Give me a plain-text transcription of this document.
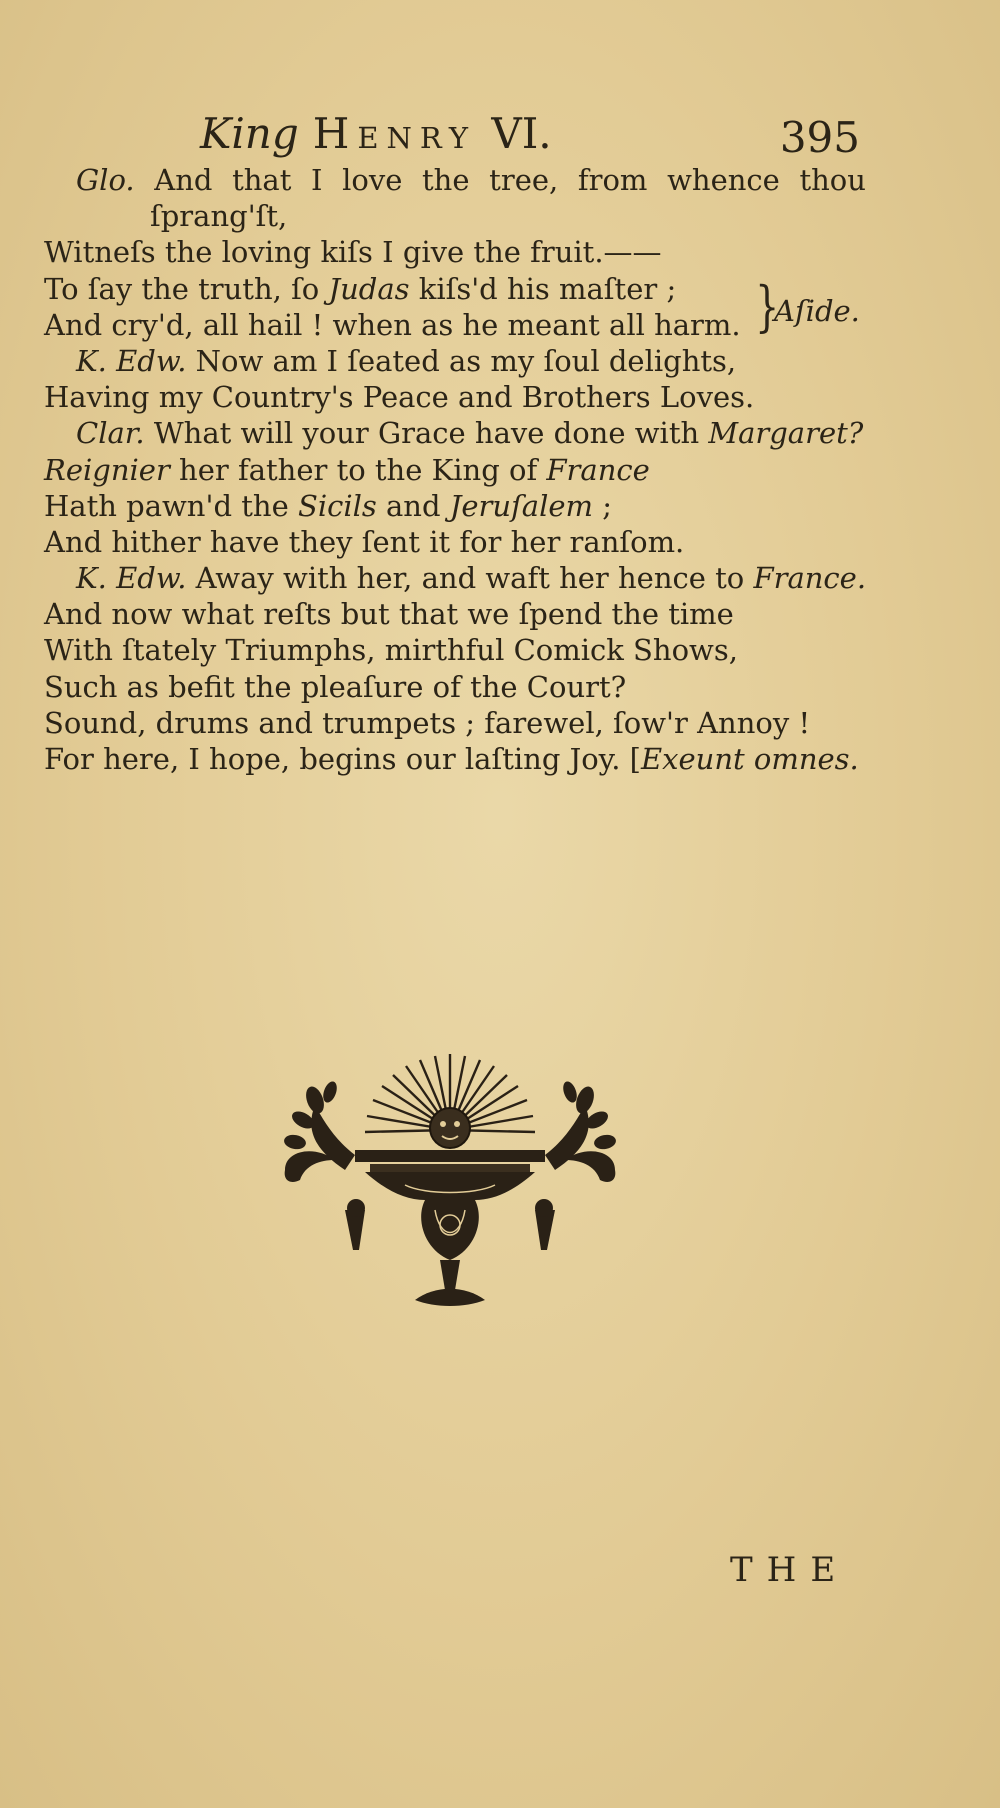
King Henry VI.	395
Glo. And that I love the tree, from whence thou
ſprang'ſt,
Witneſs the loving kiſs I give the fruit.——
To ſay the truth, ſo Judas kiſs'd his maſter ;
And cry'd, all hail ! when as he meant all harm. }
Aſide.
K. Edw. Now am I ſeated as my ſoul delights,
Having my Country's Peace and Brothers Loves.
Clar. What will your Grace have done with Margaret?
Reignier her father to the King of France
Hath pawn'd the Sicils and Jeruſalem ;
And hither have they ſent it for her ranſom.
K. Edw. Away with her, and waft her hence to France.
And now what reſts but that we ſpend the time
With ſtately Triumphs, mirthful Comick Shows,
Such as befit the pleaſure of the Court?
Sound, drums and trumpets ; farewel, ſow'r Annoy !
For here, I hope, begins our laſting Joy. [Exeunt omnes.
THE
